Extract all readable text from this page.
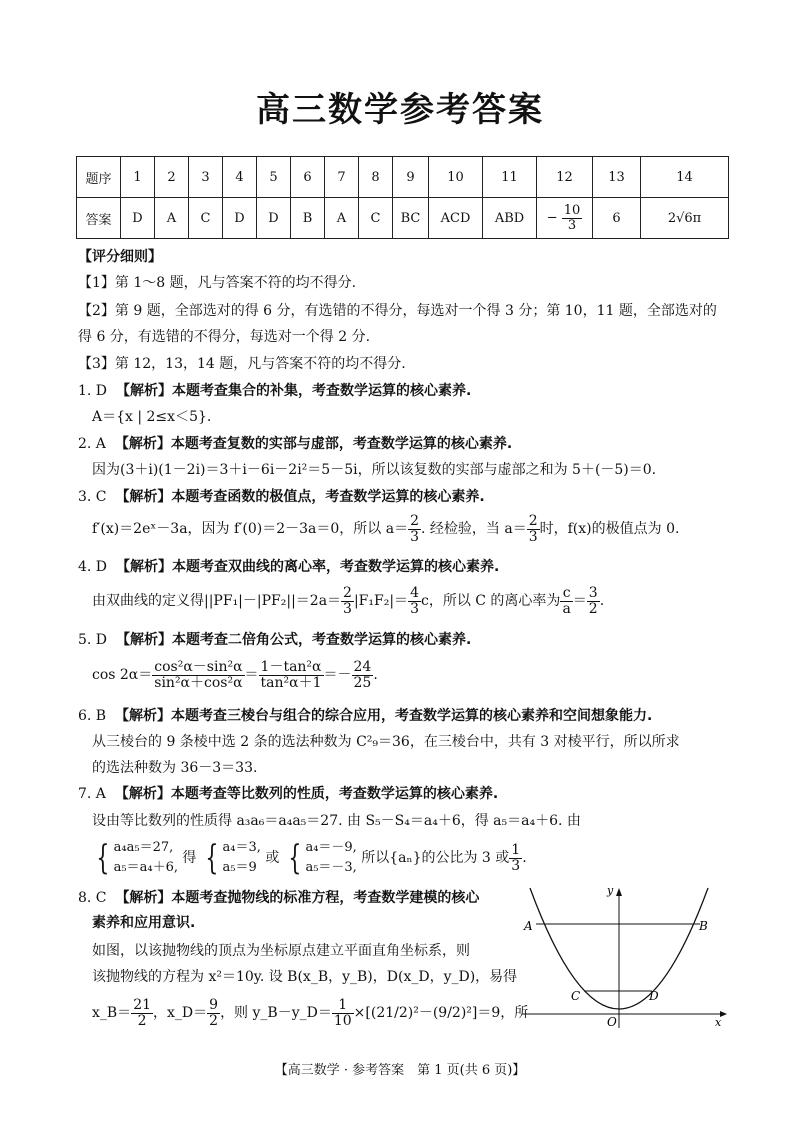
高三数学参考答案
题序	1	2	3	4	5	6	7	8	9	10	11	12	13	14
答案	D	A	C	D	D	B	A	C	BC	ACD	ABD	− $\frac{10}{3}$	6	2√6π
【评分细则】
【1】第 1～8 题，凡与答案不符的均不得分.
【2】第 9 题，全部选对的得 6 分，有选错的不得分，每选对一个得 3 分；第 10，11 题，全部选对的
得 6 分，有选错的不得分，每选对一个得 2 分.
【3】第 12，13，14 题，凡与答案不符的均不得分.
1. D 【解析】本题考查集合的补集，考查数学运算的核心素养.
A＝{x | 2≤x＜5}.
2. A 【解析】本题考查复数的实部与虚部，考查数学运算的核心素养.
因为(3＋i)(1－2i)＝3＋i－6i－2i²＝5－5i，所以该复数的实部与虚部之和为 5＋(－5)＝0.
3. C 【解析】本题考查函数的极值点，考查数学运算的核心素养.
f′(x)＝2eˣ－3a，因为 f′(0)＝2－3a＝0，所以 $a= \frac{2}{3}$ . 经检验，当 $a= \frac{2}{3}$ 时，f(x)的极值点为 0.
4. D 【解析】本题考查双曲线的离心率，考查数学运算的核心素养.
由双曲线的定义得$||PF_1|-|PF_2||=2a= \frac{2}{3} |F_1F_2|= \frac{4}{3}$ c，所以 C 的离心率为 $\frac{c}{a} = \frac{3}{2}$ .
5. D 【解析】本题考查二倍角公式，考查数学运算的核心素养.
$\cos 2\alpha= \frac{\text{cos²α－sin²α}}{\text{sin²α＋cos²α}} = \frac{\text{1－tan²α}}{\text{tan²α＋1}} =- \frac{24}{25}$ .
6. B 【解析】本题考查三棱台与组合的综合应用，考查数学运算的核心素养和空间想象能力.
从三棱台的 9 条棱中选 2 条的选法种数为 C²₉＝36，在三棱台中，共有 3 对棱平行，所以所求
的选法种数为 36－3＝33.
7. A 【解析】本题考查等比数列的性质，考查数学运算的核心素养.
设由等比数列的性质得 a₃a₆＝a₄a₅＝27. 由 S₅－S₄＝a₄＋6，得 a₅＝a₄＋6. 由
{ a₄a₅＝27,
a₅＝a₄＋6,
得 { a₄＝3,
a₅＝9
或 { a₄＝－9,
a₅＝－3,
所以{aₙ}的公比为 3 或 $\frac{1}{3}$ .
8. C 【解析】本题考查抛物线的标准方程，考查数学建模的核心
素养和应用意识.
如图，以该抛物线的顶点为坐标原点建立平面直角坐标系，则
该抛物线的方程为 x²＝10y. 设 B(x_B，y_B)，D(x_D，y_D)，易得
x_B＝ $\frac{21}{2}$ ，x_D＝ $\frac{9}{2}$ ，则 y_B－y_D＝ $\frac{1}{10} \times[(21/2)^2-(9/2)^2]=9$，所
A	B
C	D
O	x
y
【高三数学 · 参考答案　第 1 页(共 6 页)】
